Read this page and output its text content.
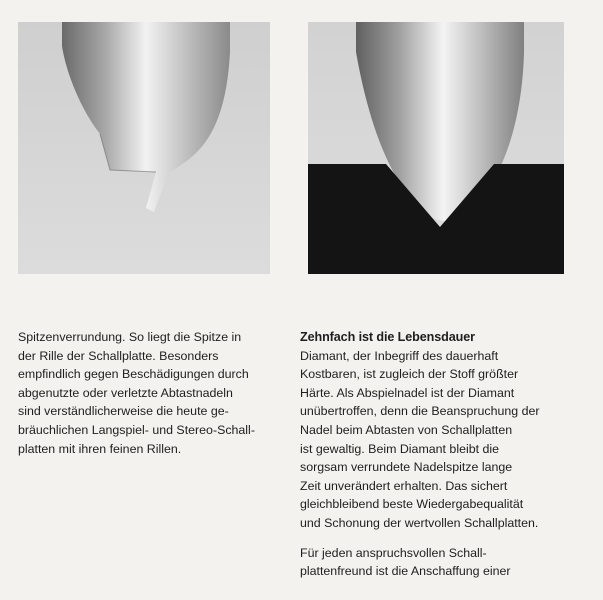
Spitzenverrundung. So liegt die Spitze in

der Rille der Schallplatte. Besonders

empfindlich gegen Beschädigungen durch

abgenutzte oder verletzte Abtastnadeln

sind verständlicherweise die heute ge-

bräuchlichen Langspiel- und Stereo-Schall-

platten mit ihren feinen Rillen.

Zehnfach ist die Lebensdauer

Diamant, der Inbegriff des dauerhaft

Kostbaren, ist zugleich der Stoff größter

Härte. Als Abspielnadel ist der Diamant

unübertroffen, denn die Beanspruchung der

Nadel beim Abtasten von Schallplatten

ist gewaltig. Beim Diamant bleibt die

sorgsam verrundete Nadelspitze lange

Zeit unverändert erhalten. Das sichert

gleichbleibend beste Wiedergabequalität

und Schonung der wertvollen Schallplatten.

Für jeden anspruchsvollen Schall-

plattenfreund ist die Anschaffung einer
